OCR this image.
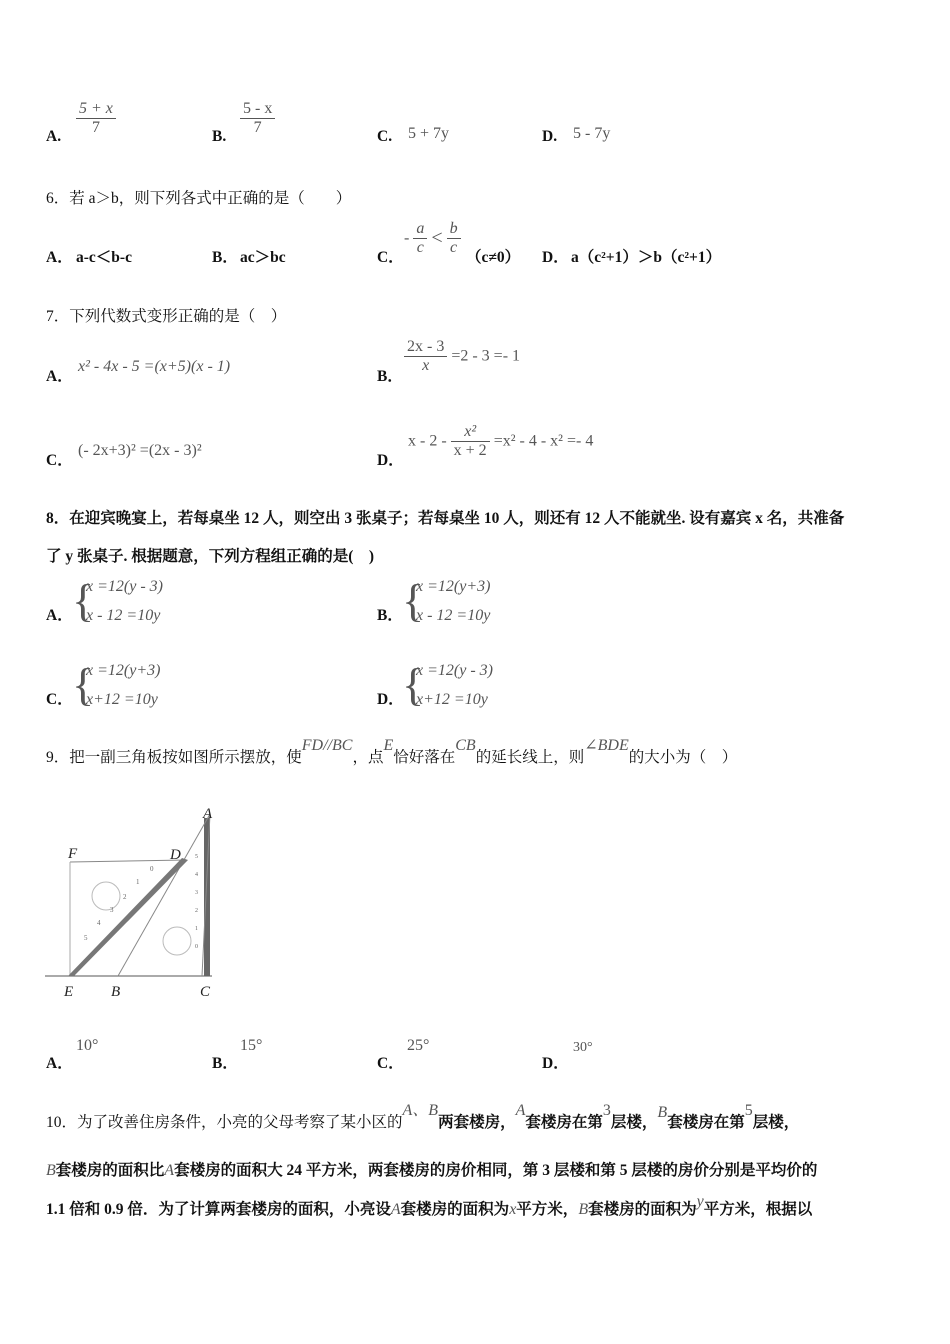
A. $\frac{5 + x}{7}$	B. $\frac{5 - x}{7}$	C. 5 + 7y	D. 5 - 7y
6．若 a＞b，则下列各式中正确的是（　　）
A． a-c＜b-c	B． ac＞bc	C．
- $\frac{a}{c} < \frac{b}{c}$
（c≠0） D． a（c²+1）＞b（c²+1）
7．下列代数式变形正确的是（　）
A．
x² - 4x - 5 =(x+5)(x - 1)
B．
$\frac{2x - 3}{x} =2 - 3 =- 1$
C．
(- 2x+3)² =(2x - 3)²
D．
$x - 2 - \frac{\text{x²}}{x + 2} =x^2 - 4 - x^2 =- 4$
8．在迎宾晚宴上，若每桌坐 12 人，则空出 3 张桌子；若每桌坐 10 人，则还有 12 人不能就坐. 设有嘉宾 x 名，共准备
了 y 张桌子. 根据题意，下列方程组正确的是(　)
A． {
x =12(y - 3)
x - 12 =10y	B． {
x =12(y+3)
x - 12 =10y
C． {
x =12(y+3)
x+12 =10y	D．
{
x =12(y - 3)
x+12 =10y
9．把一副三角板按如图所示摆放，使FD//BC，点E恰好落在CB的延长线上，则∠BDE的大小为（　）
0
1
2
3
4
5
5
4
3
2
1
0
A
F	D
E	B	C
A．
10°
B．
15°
C．
25°
D．
30°
10．为了改善住房条件，小亮的父母考察了某小区的A、B两套楼房，A套楼房在第3层楼，B套楼房在第5层楼，
B套楼房的面积比A套楼房的面积大 24 平方米，两套楼房的房价相同，第 3 层楼和第 5 层楼的房价分别是平均价的
1.1 倍和 0.9 倍．为了计算两套楼房的面积，小亮设A套楼房的面积为x平方米，B套楼房的面积为y平方米，根据以
